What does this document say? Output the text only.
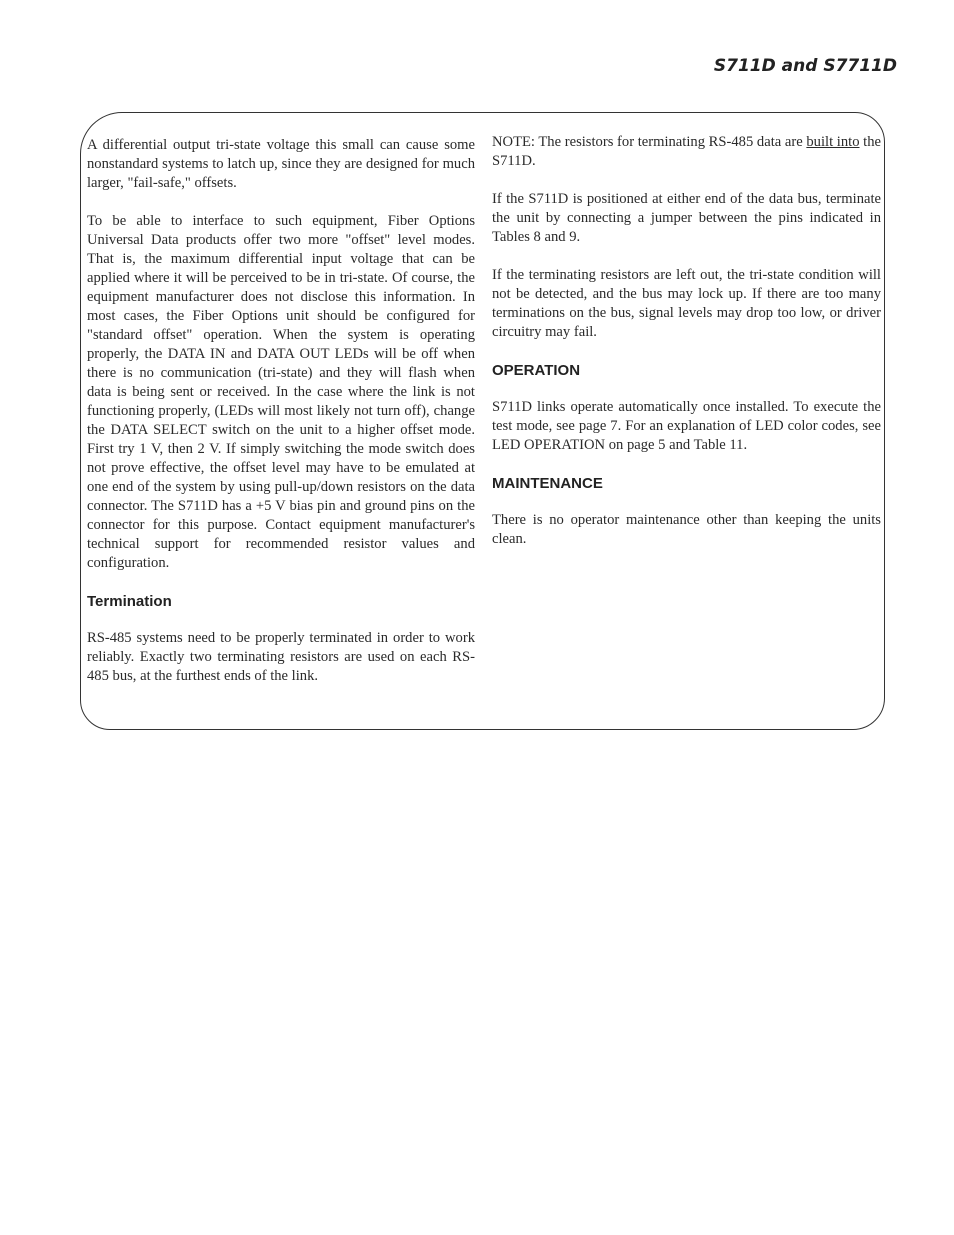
S711D and S7711D

A differential output tri-state voltage this small can cause some nonstandard systems to latch up, since they are designed for much larger, "fail-safe," offsets.

To be able to interface to such equipment, Fiber Options Universal Data products offer two more "offset" level modes. That is, the maximum differential input voltage that can be applied where it will be perceived to be in tri-state. Of course, the equipment manufacturer does not disclose this information. In most cases, the Fiber Options unit should be configured for "standard offset" operation. When the system is operating properly, the DATA IN and DATA OUT LEDs will be off when there is no communication (tri-state) and they will flash when data is being sent or received. In the case where the link is not functioning properly, (LEDs will most likely not turn off), change the DATA SELECT switch on the unit to a higher offset mode. First try 1 V, then 2 V. If simply switching the mode switch does not prove effective, the offset level may have to be emulated at one end of the system by using pull-up/down resistors on the data connector. The S711D has a +5 V bias pin and ground pins on the connector for this purpose. Contact equipment manufacturer's technical support for recommended resistor values and configuration.

Termination

RS-485 systems need to be properly terminated in order to work reliably. Exactly two terminating resistors are used on each RS-485 bus, at the furthest ends of the link.

NOTE: The resistors for terminating RS-485 data are built into the S711D.

If the S711D is positioned at either end of the data bus, terminate the unit by connecting a jumper between the pins indicated in Tables 8 and 9.

If the terminating resistors are left out, the tri-state condition will not be detected, and the bus may lock up. If there are too many terminations on the bus, signal levels may drop too low, or driver circuitry may fail.

OPERATION

S711D links operate automatically once installed. To execute the test mode, see page 7. For an explanation of LED color codes, see LED OPERATION on page 5 and Table 11.

MAINTENANCE

There is no operator maintenance other than keeping the units clean.
